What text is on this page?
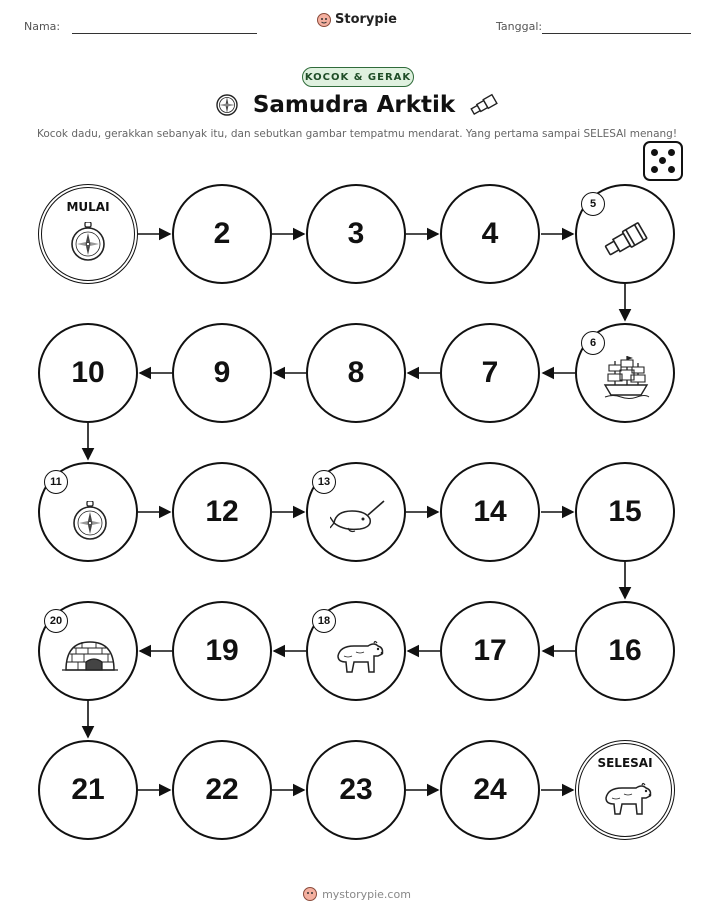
Nama:	Storypie	Tanggal:
KOCOK & GERAK
Samudra Arktik
Kocok dadu, gerakkan sebanyak itu, dan sebutkan gambar tempatmu mendarat. Yang pertama sampai SELESAI menang!
MULAI
2	3	4
5
6
7
8
9
10
11
12
13
14	15
16
17
18
19
20
21	22	23	24
SELESAI
mystorypie.com
